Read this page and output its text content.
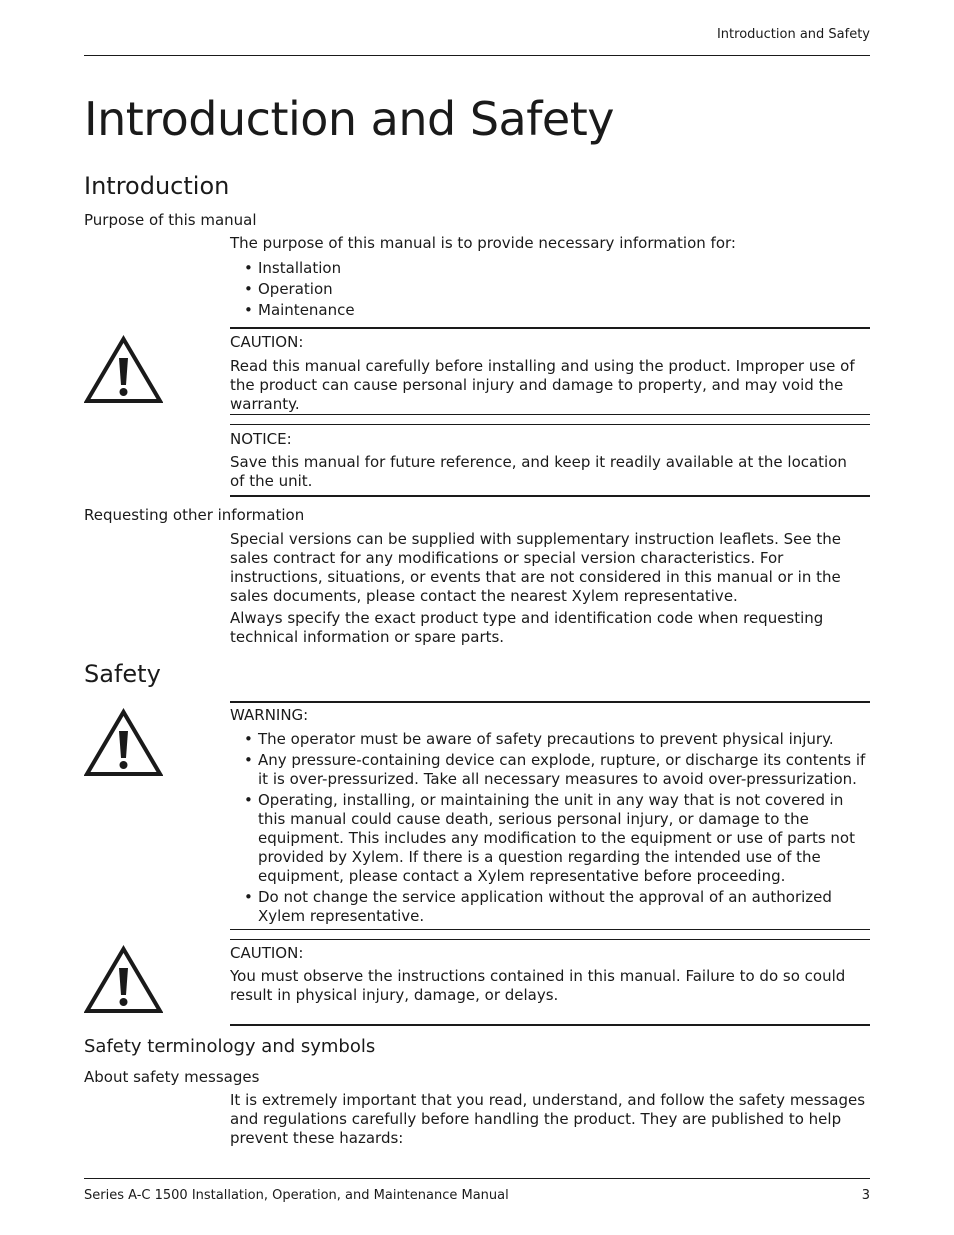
Introduction and Safety
Introduction and Safety
Introduction
Purpose of this manual
The purpose of this manual is to provide necessary information for:
• Installation
• Operation
• Maintenance
CAUTION:
Read this manual carefully before installing and using the product. Improper use of the product can cause personal injury and damage to property, and may void the warranty.
NOTICE:
Save this manual for future reference, and keep it readily available at the location of the unit.
Requesting other information
Special versions can be supplied with supplementary instruction leaflets. See the sales contract for any modifications or special version characteristics. For instructions, situations, or events that are not considered in this manual or in the sales documents, please contact the nearest Xylem representative.
Always specify the exact product type and identification code when requesting technical information or spare parts.
Safety
WARNING:
• The operator must be aware of safety precautions to prevent physical injury.
• Any pressure-containing device can explode, rupture, or discharge its contents if it is over-pressurized. Take all necessary measures to avoid over-pressurization.
• Operating, installing, or maintaining the unit in any way that is not covered in this manual could cause death, serious personal injury, or damage to the equipment. This includes any modification to the equipment or use of parts not provided by Xylem. If there is a question regarding the intended use of the equipment, please contact a Xylem representative before proceeding.
• Do not change the service application without the approval of an authorized Xylem representative.
CAUTION:
You must observe the instructions contained in this manual. Failure to do so could result in physical injury, damage, or delays.
Safety terminology and symbols
About safety messages
It is extremely important that you read, understand, and follow the safety messages and regulations carefully before handling the product. They are published to help prevent these hazards:
Series A-C 1500 Installation, Operation, and Maintenance Manual	3
